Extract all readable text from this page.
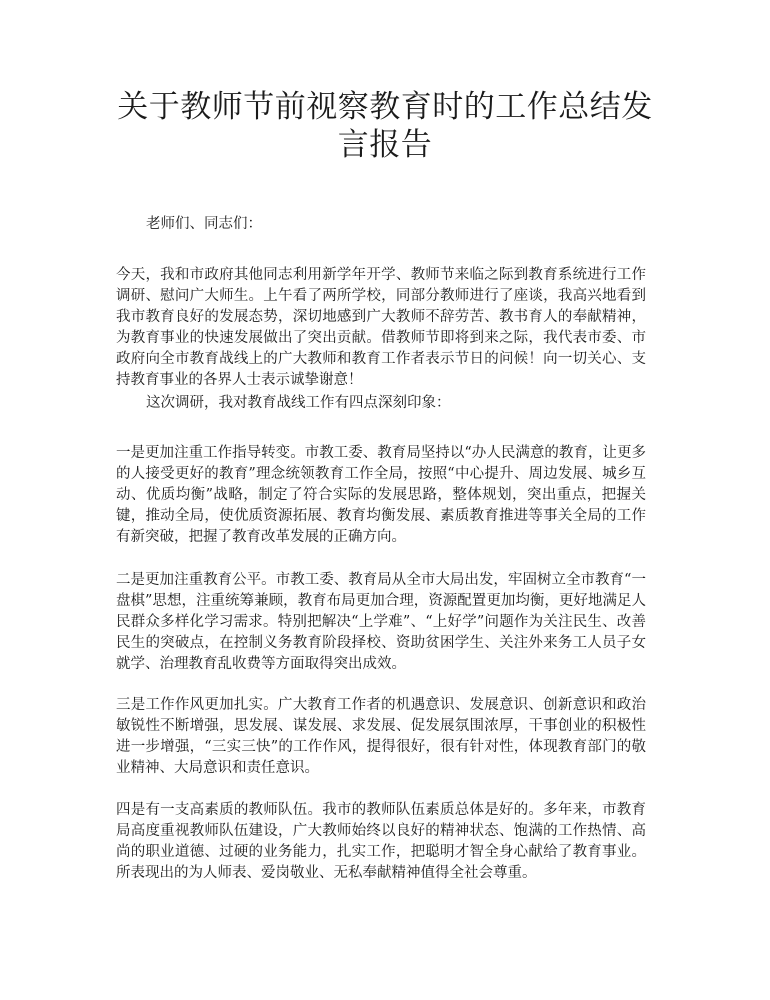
关于教师节前视察教育时的工作总结发言报告

老师们、同志们：

今天，我和市政府其他同志利用新学年开学、教师节来临之际到教育系统进行工作调研、慰问广大师生。上午看了两所学校，同部分教师进行了座谈，我高兴地看到我市教育良好的发展态势，深切地感到广大教师不辞劳苦、教书育人的奉献精神，为教育事业的快速发展做出了突出贡献。借教师节即将到来之际，我代表市委、市政府向全市教育战线上的广大教师和教育工作者表示节日的问候！向一切关心、支持教育事业的各界人士表示诚挚谢意！

这次调研，我对教育战线工作有四点深刻印象：

一是更加注重工作指导转变。市教工委、教育局坚持以“办人民满意的教育，让更多的人接受更好的教育”理念统领教育工作全局，按照“中心提升、周边发展、城乡互动、优质均衡”战略，制定了符合实际的发展思路，整体规划，突出重点，把握关键，推动全局，使优质资源拓展、教育均衡发展、素质教育推进等事关全局的工作有新突破，把握了教育改革发展的正确方向。

二是更加注重教育公平。市教工委、教育局从全市大局出发，牢固树立全市教育“一盘棋”思想，注重统筹兼顾，教育布局更加合理，资源配置更加均衡，更好地满足人民群众多样化学习需求。特别把解决“上学难”、“上好学”问题作为关注民生、改善民生的突破点，在控制义务教育阶段择校、资助贫困学生、关注外来务工人员子女就学、治理教育乱收费等方面取得突出成效。

三是工作作风更加扎实。广大教育工作者的机遇意识、发展意识、创新意识和政治敏锐性不断增强，思发展、谋发展、求发展、促发展氛围浓厚，干事创业的积极性进一步增强，“三实三快”的工作作风，提得很好，很有针对性，体现教育部门的敬业精神、大局意识和责任意识。

四是有一支高素质的教师队伍。我市的教师队伍素质总体是好的。多年来，市教育局高度重视教师队伍建设，广大教师始终以良好的精神状态、饱满的工作热情、高尚的职业道德、过硬的业务能力，扎实工作，把聪明才智全身心献给了教育事业。所表现出的为人师表、爱岗敬业、无私奉献精神值得全社会尊重。
